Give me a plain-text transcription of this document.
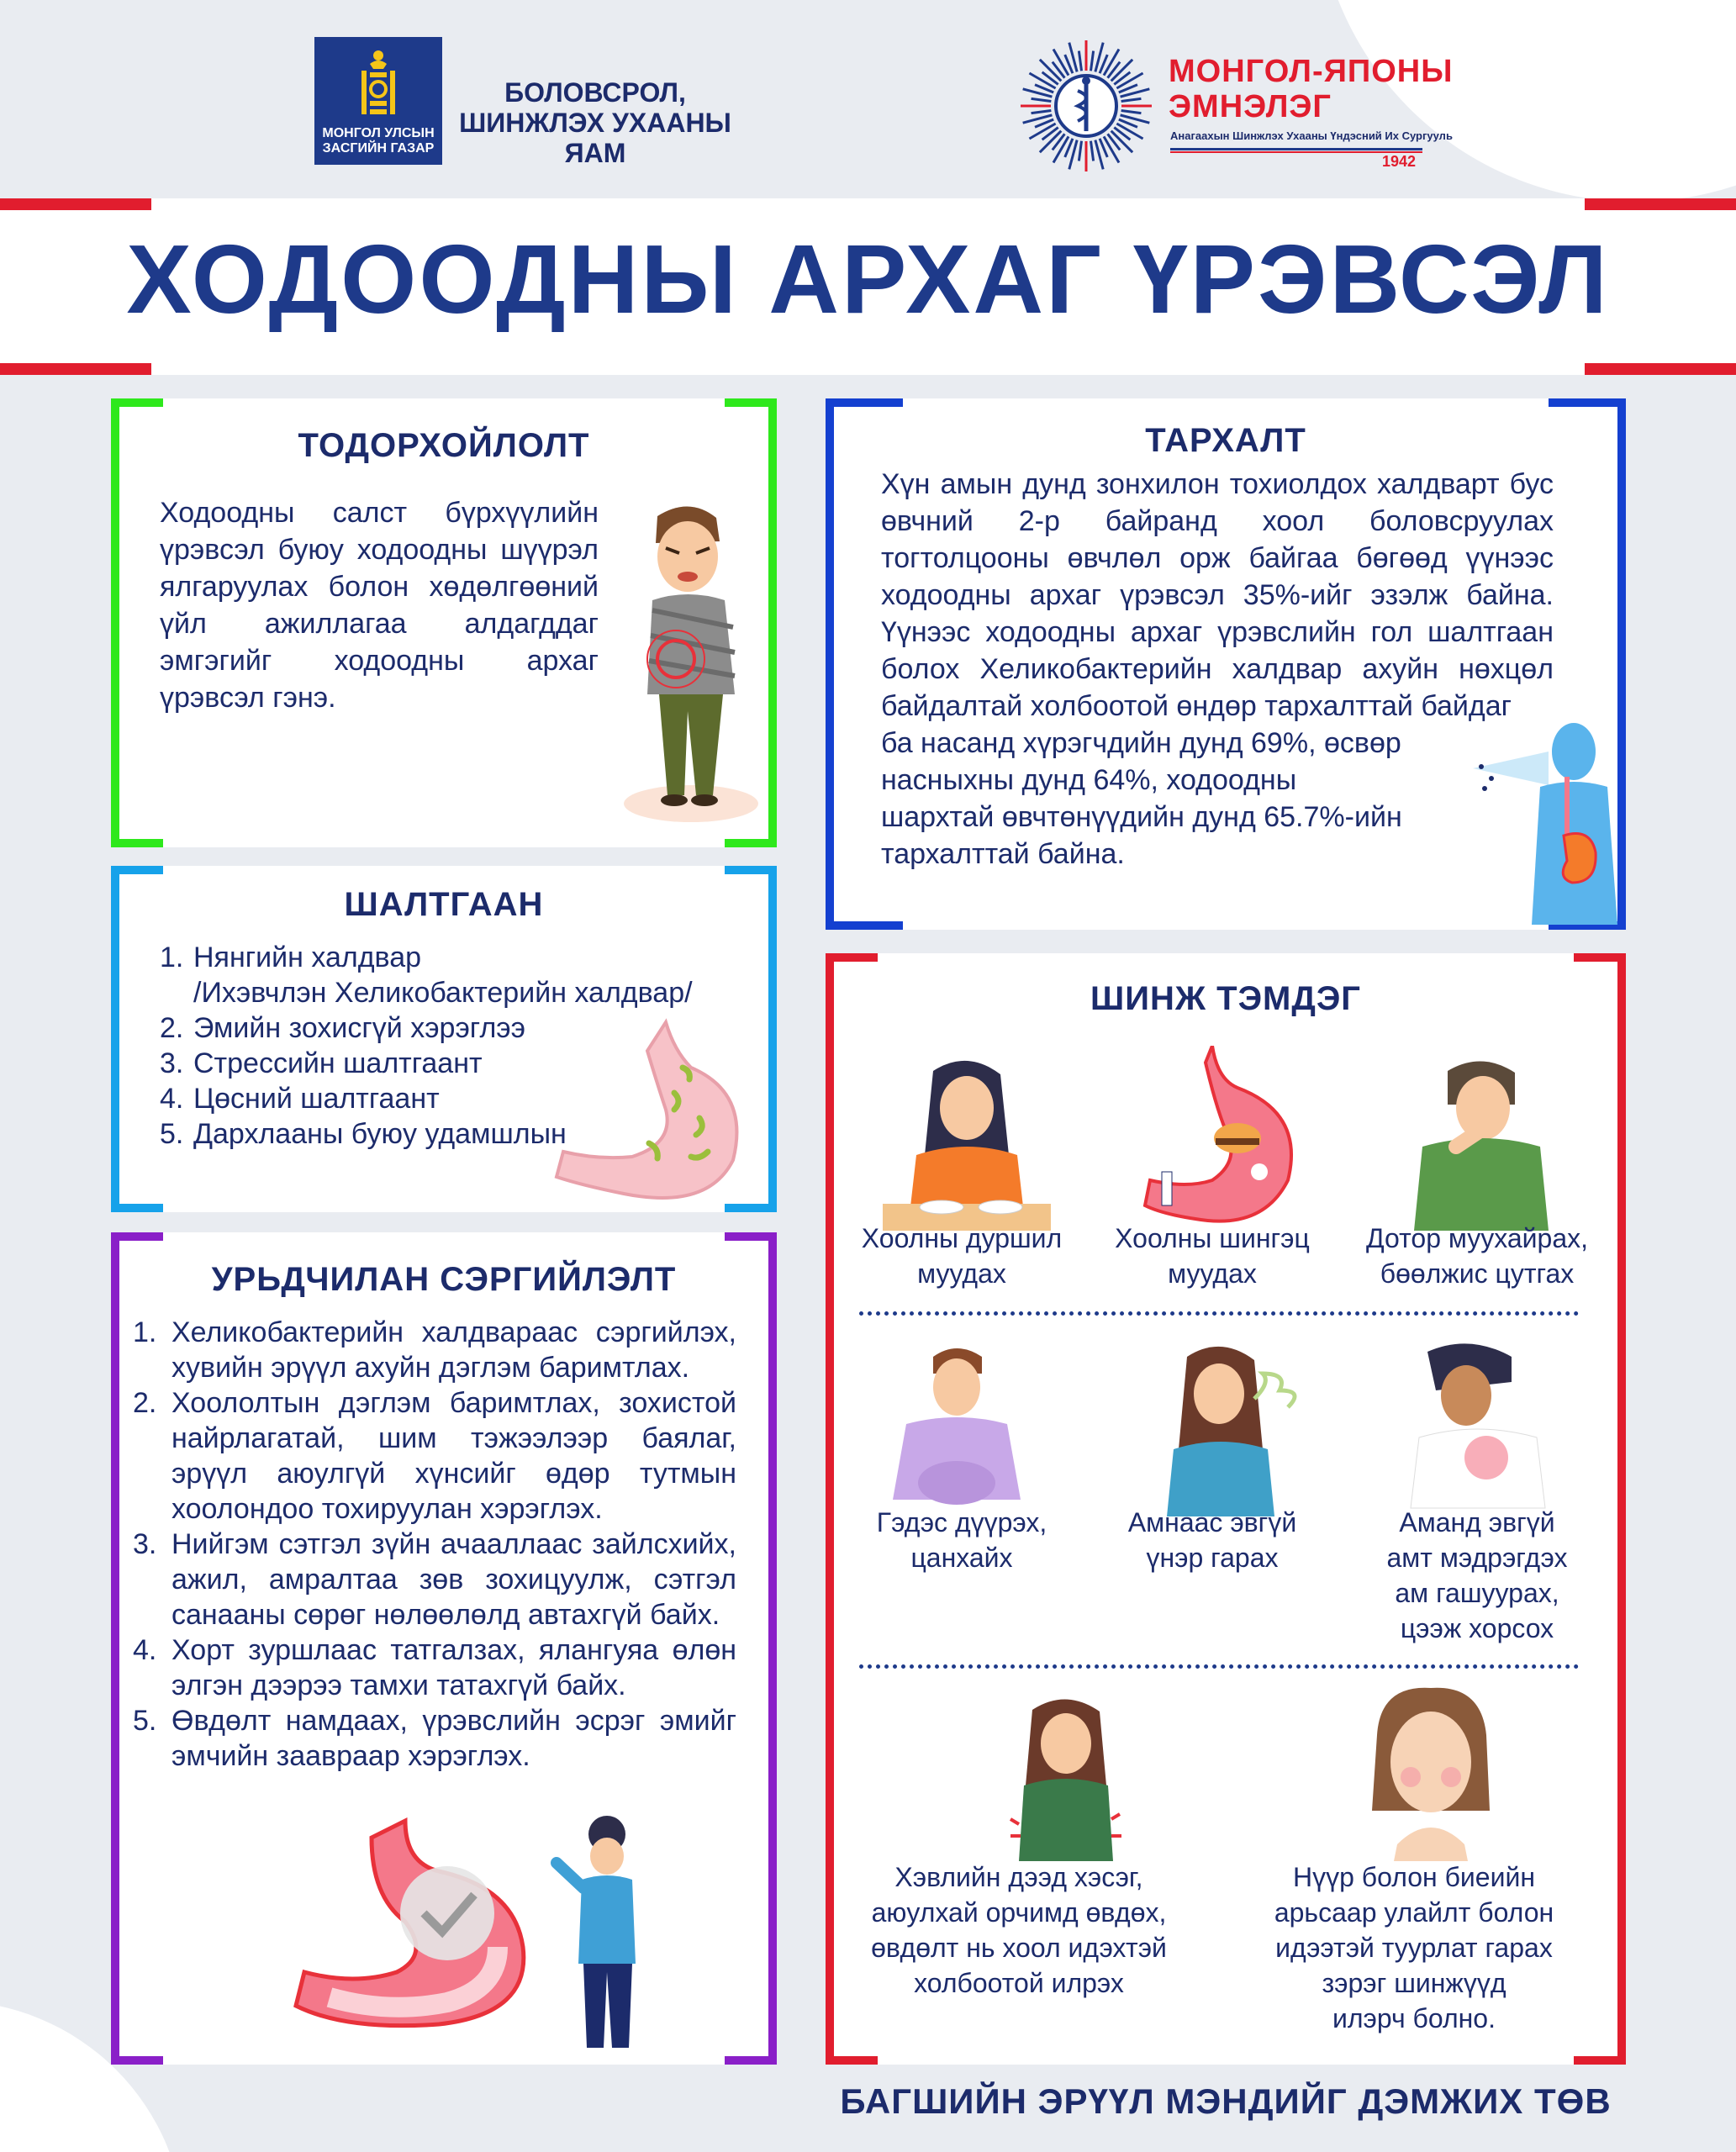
МОНГОЛ УЛСЫН
ЗАСГИЙН ГАЗАР
БОЛОВСРОЛ,
ШИНЖЛЭХ УХААНЫ
ЯАМ
МОНГОЛ-ЯПОНЫ
ЭМНЭЛЭГ
Анагаахын Шинжлэх Ухааны Үндэсний Их Сургууль
1942
ХОДООДНЫ АРХАГ ҮРЭВСЭЛ
ТОДОРХОЙЛОЛТ
Ходоодны салст бүрхүүлийн үрэвсэл буюу ходоодны шүүрэл ялгаруулах болон хөдөлгөөний үйл ажиллагаа алдагддаг эмгэгийг ходоодны архаг үрэвсэл гэнэ.
ШАЛТГААН
1. Нянгийн халдвар
/Ихэвчлэн Хеликобактерийн халдвар/
2. Эмийн зохисгүй хэрэглээ
3. Стрессийн шалтгаант
4. Цөсний шалтгаант
5. Дархлааны буюу удамшлын
УРЬДЧИЛАН СЭРГИЙЛЭЛТ
1. Хеликобактерийн халдвараас сэргийлэх, хувийн эрүүл ахуйн дэглэм баримтлах.
2. Хоололтын дэглэм баримтлах, зохистой найрлагатай, шим тэжээлээр баялаг, эрүүл аюулгүй хүнсийг өдөр тутмын хоолондоо тохируулан хэрэглэх.
3. Нийгэм сэтгэл зүйн ачааллаас зайлсхийх, ажил, амралтаа зөв зохицуулж, сэтгэл санааны сөрөг нөлөөлөлд автахгүй байх.
4. Хорт зуршлаас татгалзах, ялангуяа өлөн элгэн дээрээ тамхи татахгүй байх.
5. Өвдөлт намдаах, үрэвслийн эсрэг эмийг эмчийн заавраар хэрэглэх.
ТАРХАЛТ
Хүн амын дунд зонхилон тохиолдох халдварт бус өвчний 2-р байранд хоол боловсруулах тогтолцооны өвчлөл орж байгаа бөгөөд үүнээс ходоодны архаг үрэвсэл 35%-ийг эзэлж байна. Үүнээс ходоодны архаг үрэвслийн гол шалтгаан болох Хеликобактерийн халдвар ахуйн нөхцөл байдалтай холбоотой өндөр тархалттай байдаг
ба насанд хүрэгчдийн дунд 69%, өсвөр
насныхны дунд 64%, ходоодны
шархтай өвчтөнүүдийн дунд 65.7%-ийн
тархалттай байна.
ШИНЖ ТЭМДЭГ
Хоолны дуршил
муудах
Хоолны шингэц
муудах
Дотор муухайрах,
бөөлжис цутгах
Гэдэс дүүрэх,
цанхайх
Амнаас эвгүй
үнэр гарах
Аманд эвгүй
амт мэдрэгдэх
ам гашуурах,
цээж хорсох
Хэвлийн дээд хэсэг,
аюулхай орчимд өвдөх,
өвдөлт нь хоол идэхтэй
холбоотой илрэх
Нүүр болон биеийн
арьсаар улайлт болон
идээтэй туурлат гарах
зэрэг шинжүүд
илэрч болно.
БАГШИЙН ЭРҮҮЛ МЭНДИЙГ ДЭМЖИХ ТӨВ
